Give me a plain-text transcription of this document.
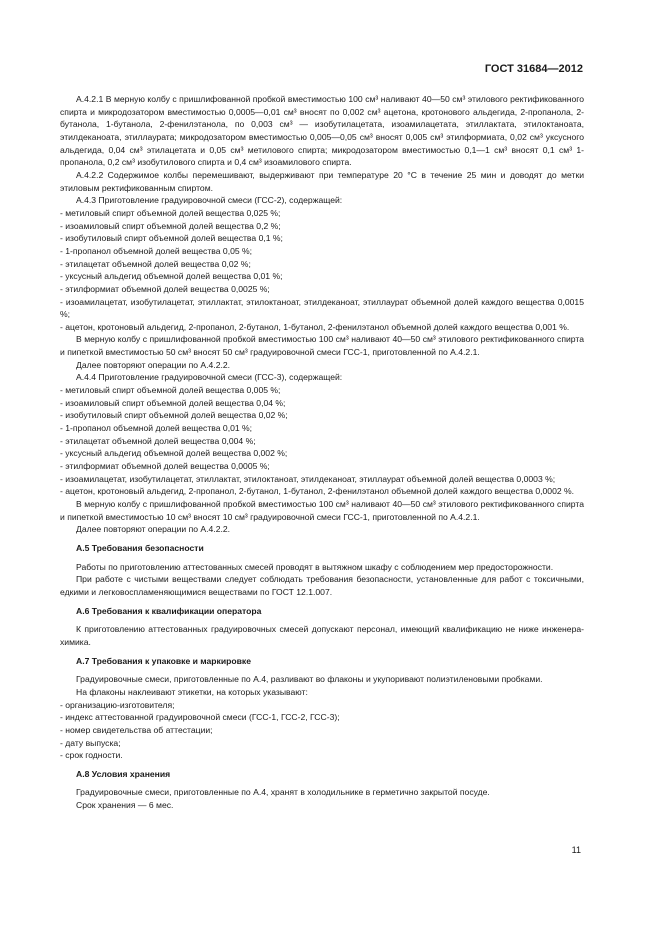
ГОСТ 31684—2012

А.4.2.1 В мерную колбу с пришлифованной пробкой вместимостью 100 см³ наливают 40—50 см³ этилового ректификованного спирта и микродозатором вместимостью 0,0005—0,01 см³ вносят по 0,002 см³ ацетона, кротонового альдегида, 2-пропанола, 2-бутанола, 1-бутанола, 2-фенилэтанола, по 0,003 см³ — изобутилацетата, изоамилацетата, этиллактата, этилоктаноата, этилдеканоата, этиллаурата; микродозатором вместимостью 0,005—0,05 см³ вносят 0,005 см³ этилформиата, 0,02 см³ уксусного альдегида, 0,04 см³ этилацетата и 0,05 см³ метилового спирта; микродозатором вместимостью 0,1—1 см³ вносят 0,1 см³ 1-пропанола, 0,2 см³ изобутилового спирта и 0,4 см³ изоамилового спирта.

А.4.2.2 Содержимое колбы перемешивают, выдерживают при температуре 20 °С в течение 25 мин и доводят до метки этиловым ректификованным спиртом.

А.4.3 Приготовление градуировочной смеси (ГСС-2), содержащей:

- метиловый спирт объемной долей вещества 0,025 %;

- изоамиловый спирт объемной долей вещества 0,2 %;

- изобутиловый спирт объемной долей вещества 0,1 %;

- 1-пропанол объемной долей вещества 0,05 %;

- этилацетат объемной долей вещества 0,02 %;

- уксусный альдегид объемной долей вещества 0,01 %;

- этилформиат объемной долей вещества 0,0025 %;

- изоамилацетат, изобутилацетат, этиллактат, этилоктаноат, этилдеканоат, этиллаурат объемной долей каждого вещества 0,0015 %;

- ацетон, кротоновый альдегид, 2-пропанол, 2-бутанол, 1-бутанол, 2-фенилэтанол объемной долей каждого вещества 0,001 %.

В мерную колбу с пришлифованной пробкой вместимостью 100 см³ наливают 40—50 см³ этилового ректификованного спирта и пипеткой вместимостью 50 см³ вносят 50 см³ градуировочной смеси ГСС-1, приготовленной по А.4.2.1.

Далее повторяют операции по А.4.2.2.

А.4.4 Приготовление градуировочной смеси (ГСС-3), содержащей:

- метиловый спирт объемной долей вещества 0,005 %;

- изоамиловый спирт объемной долей вещества 0,04 %;

- изобутиловый спирт объемной долей вещества 0,02 %;

- 1-пропанол объемной долей вещества 0,01 %;

- этилацетат объемной долей вещества 0,004 %;

- уксусный альдегид объемной долей вещества 0,002 %;

- этилформиат объемной долей вещества 0,0005 %;

- изоамилацетат, изобутилацетат, этиллактат, этилоктаноат, этилдеканоат, этиллаурат объемной долей вещества 0,0003 %;

- ацетон, кротоновый альдегид, 2-пропанол, 2-бутанол, 1-бутанол, 2-фенилэтанол объемной долей каждого вещества 0,0002 %.

В мерную колбу с пришлифованной пробкой вместимостью 100 см³ наливают 40—50 см³ этилового ректификованного спирта и пипеткой вместимостью 10 см³ вносят 10 см³ градуировочной смеси ГСС-1, приготовленной по А.4.2.1.

Далее повторяют операции по А.4.2.2.

А.5 Требования безопасности

Работы по приготовлению аттестованных смесей проводят в вытяжном шкафу с соблюдением мер предосторожности.

При работе с чистыми веществами следует соблюдать требования безопасности, установленные для работ с токсичными, едкими и легковоспламеняющимися веществами по ГОСТ 12.1.007.

А.6 Требования к квалификации оператора

К приготовлению аттестованных градуировочных смесей допускают персонал, имеющий квалификацию не ниже инженера-химика.

А.7 Требования к упаковке и маркировке

Градуировочные смеси, приготовленные по А.4, разливают во флаконы и укупоривают полиэтиленовыми пробками.

На флаконы наклеивают этикетки, на которых указывают:

- организацию-изготовителя;

- индекс аттестованной градуировочной смеси (ГСС-1, ГСС-2, ГСС-3);

- номер свидетельства об аттестации;

- дату выпуска;

- срок годности.

А.8 Условия хранения

Градуировочные смеси, приготовленные по А.4, хранят в холодильнике в герметично закрытой посуде.

Срок хранения — 6 мес.

11
